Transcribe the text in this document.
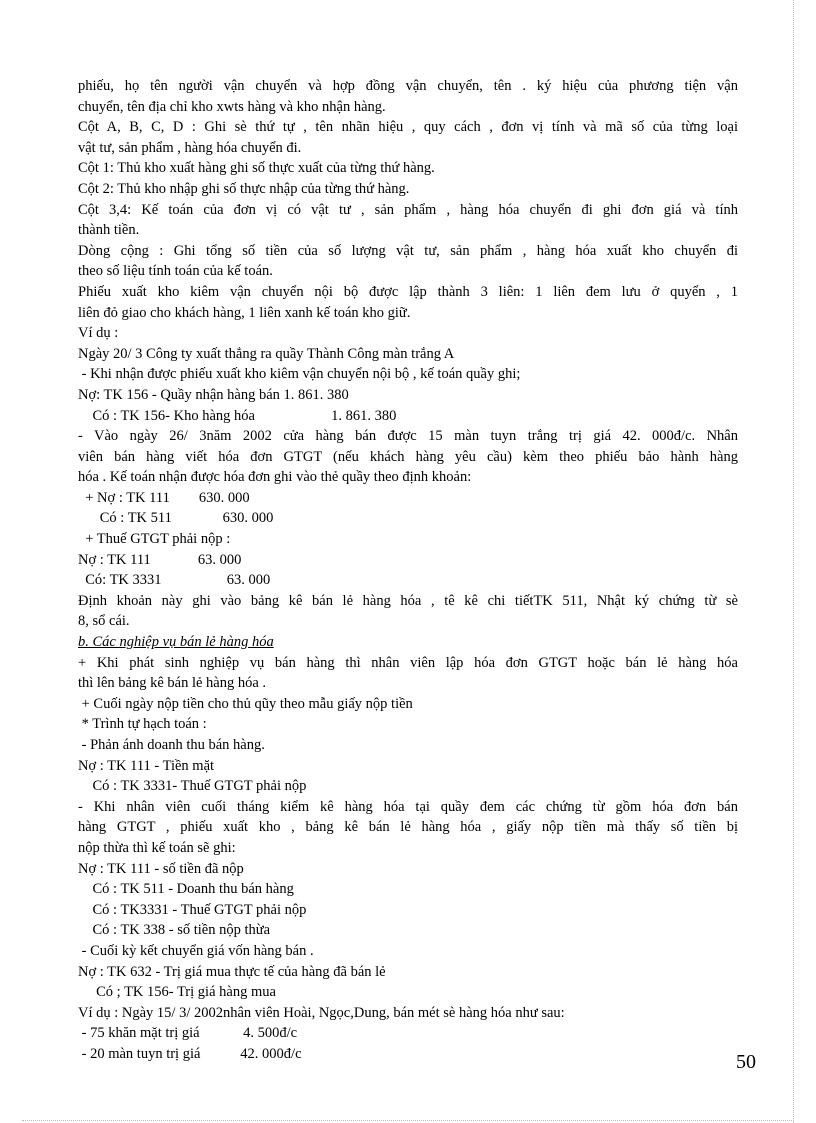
phiếu, họ tên người vận chuyển và hợp đồng vận chuyển, tên . ký hiệu của phương tiện vận
chuyển, tên địa chỉ kho xwts hàng và kho nhận hàng.
Cột A, B, C, D : Ghi sè thứ tự , tên nhãn hiệu , quy cách , đơn vị tính và mã số của từng loại
vật tư, sản phẩm , hàng hóa chuyển đi.
Cột 1: Thủ kho xuất hàng ghi số thực xuất của từng thứ hàng.
Cột 2: Thủ kho nhập ghi số thực nhập của từng thứ hàng.
Cột 3,4: Kế toán của đơn vị có vật tư , sản phẩm , hàng hóa chuyển đi ghi đơn giá và tính
thành tiền.
Dòng cộng : Ghi tổng số tiền của số lượng vật tư, sản phẩm , hàng hóa xuất kho chuyển đi
theo số liệu tính toán của kế toán.
Phiếu xuất kho kiêm vận chuyển nội bộ được lập thành 3 liên: 1 liên đem lưu ở quyển , 1
liên đỏ giao cho khách hàng, 1 liên xanh kế toán kho giữ.
Ví dụ :
Ngày 20/ 3 Công ty xuất thẳng ra quầy Thành Công màn trắng A
- Khi nhận được phiếu xuất kho kiêm vận chuyển nội bộ , kế toán quầy ghi;
Nợ: TK 156 - Quầy nhận hàng bán 1. 861. 380
Có : TK 156- Kho hàng hóa                     1. 861. 380
- Vào ngày 26/ 3năm 2002 cửa hàng bán được 15 màn tuyn trắng trị giá 42. 000đ/c. Nhân
viên bán hàng viết hóa đơn GTGT (nếu khách hàng yêu cầu) kèm theo phiếu bảo hành hàng
hóa . Kế toán nhận được hóa đơn ghi vào thẻ quầy theo định khoản:
+ Nợ : TK 111        630. 000
Có : TK 511              630. 000
+ Thuế GTGT phải nộp :
Nợ : TK 111             63. 000
Có: TK 3331                  63. 000
Định khoản này ghi vào bảng kê bán lẻ hàng hóa , tê kê chi tiếtTK 511, Nhật ký chứng từ sè
8, sổ cái.
b. Các nghiệp vụ bán lẻ hàng hóa
+ Khi phát sinh nghiệp vụ bán hàng thì nhân viên lập hóa đơn GTGT hoặc bán lẻ hàng hóa
thì lên bảng kê bán lẻ hàng hóa .
+ Cuối ngày nộp tiền cho thủ qũy theo mẫu giấy nộp tiền
* Trình tự hạch toán :
- Phản ánh doanh thu bán hàng.
Nợ : TK 111 - Tiền mặt
Có : TK 3331- Thuế GTGT phải nộp
- Khi nhân viên cuối tháng kiểm kê hàng hóa tại quầy đem các chứng từ gồm hóa đơn bán
hàng GTGT , phiếu xuất kho , bảng kê bán lẻ hàng hóa , giấy nộp tiền mà thấy số tiền bị
nộp thừa thì kế toán sẽ ghi:
Nợ : TK 111 - số tiền đã nộp
Có : TK 511 - Doanh thu bán hàng
Có : TK3331 - Thuế GTGT phải nộp
Có : TK 338 - số tiền nộp thừa
- Cuối kỳ kết chuyển giá vốn hàng bán .
Nợ : TK 632 - Trị giá mua thực tế của hàng đã bán lẻ
Có ; TK 156- Trị giá hàng mua
Ví dụ : Ngày 15/ 3/ 2002nhân viên Hoài, Ngọc,Dung, bán mét sè hàng hóa như sau:
- 75 khăn mặt trị giá            4. 500đ/c
- 20 màn tuyn trị giá           42. 000đ/c	50
